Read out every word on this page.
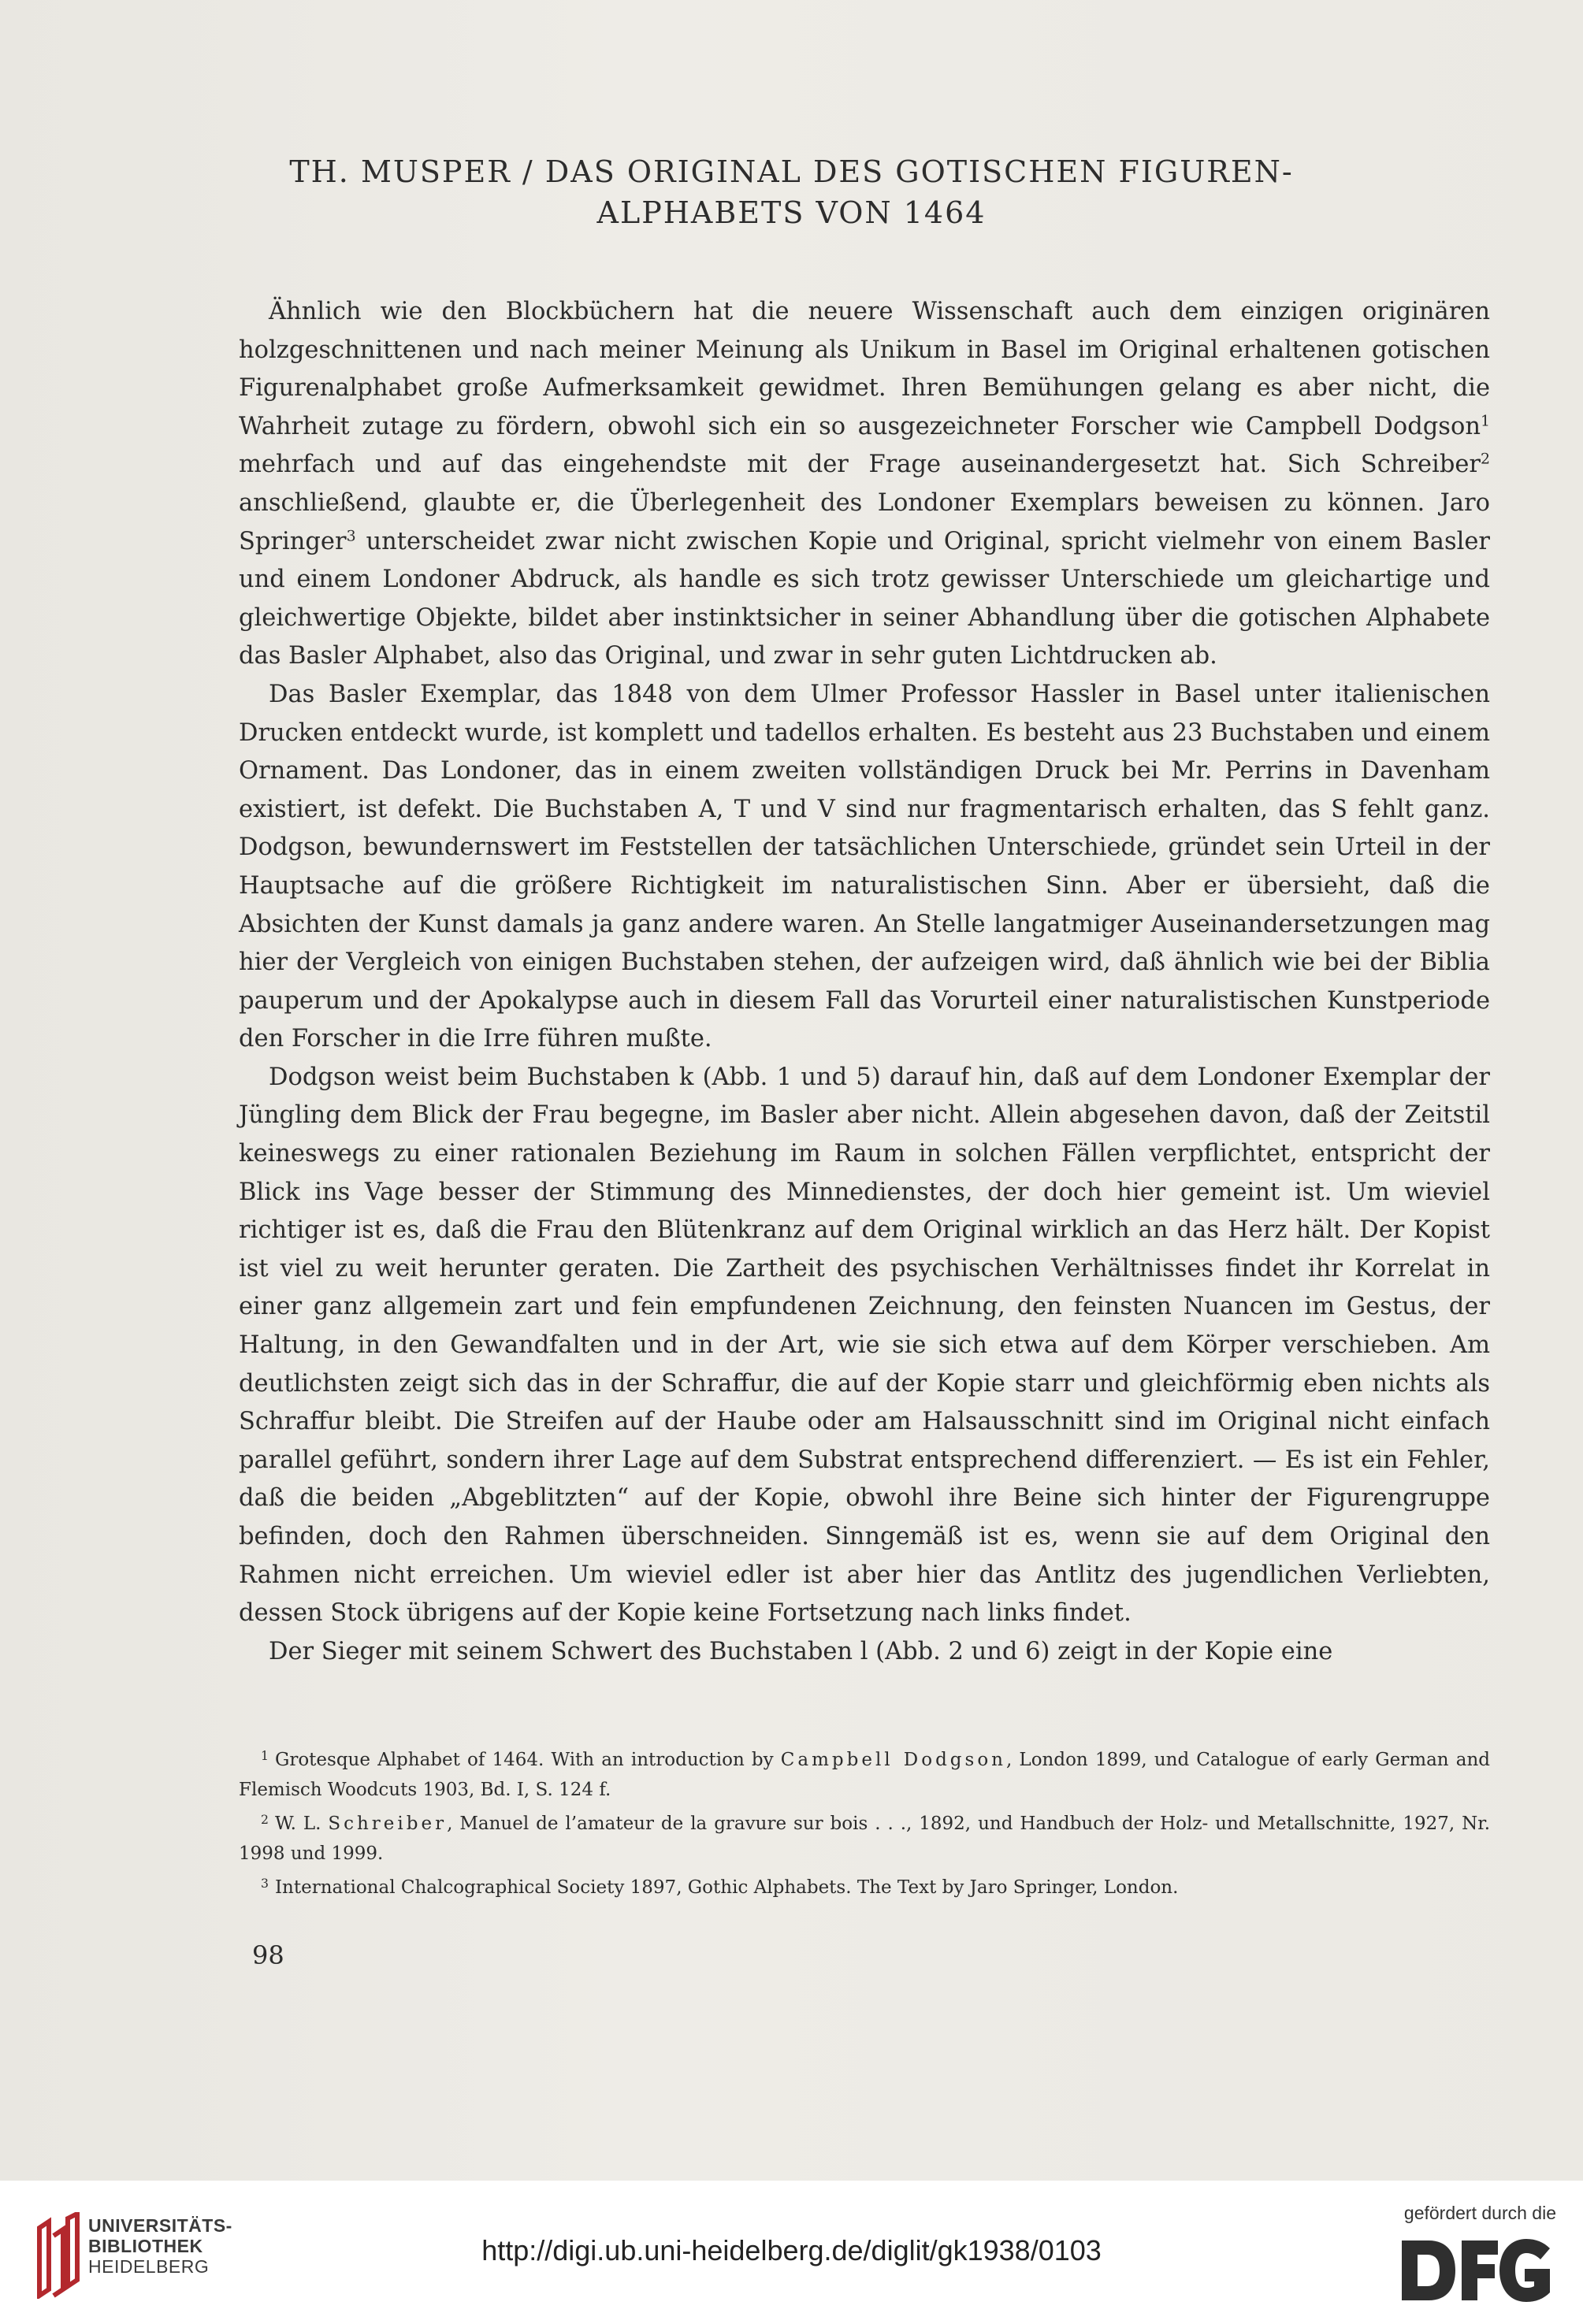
TH. MUSPER / DAS ORIGINAL DES GOTISCHEN FIGUREN-
ALPHABETS VON 1464

Ähnlich wie den Blockbüchern hat die neuere Wissenschaft auch dem einzigen originären holzgeschnittenen und nach meiner Meinung als Unikum in Basel im Original erhaltenen gotischen Figurenalphabet große Aufmerksamkeit gewidmet. Ihren Bemühungen gelang es aber nicht, die Wahrheit zutage zu fördern, obwohl sich ein so ausgezeichneter Forscher wie Campbell Dodgson$^1$ mehrfach und auf das eingehendste mit der Frage auseinandergesetzt hat. Sich Schreiber$^2$ anschließend, glaubte er, die Überlegenheit des Londoner Exemplars beweisen zu können. Jaro Springer$^3$ unterscheidet zwar nicht zwischen Kopie und Original, spricht vielmehr von einem Basler und einem Londoner Abdruck, als handle es sich trotz gewisser Unterschiede um gleichartige und gleichwertige Objekte, bildet aber instinktsicher in seiner Abhandlung über die gotischen Alphabete das Basler Alphabet, also das Original, und zwar in sehr guten Lichtdrucken ab.

Das Basler Exemplar, das 1848 von dem Ulmer Professor Hassler in Basel unter italienischen Drucken entdeckt wurde, ist komplett und tadellos erhalten. Es besteht aus 23 Buchstaben und einem Ornament. Das Londoner, das in einem zweiten vollständigen Druck bei Mr. Perrins in Davenham existiert, ist defekt. Die Buchstaben A, T und V sind nur fragmentarisch erhalten, das S fehlt ganz. Dodgson, bewundernswert im Feststellen der tatsächlichen Unterschiede, gründet sein Urteil in der Hauptsache auf die größere Richtigkeit im naturalistischen Sinn. Aber er übersieht, daß die Absichten der Kunst damals ja ganz andere waren. An Stelle langatmiger Auseinandersetzungen mag hier der Vergleich von einigen Buchstaben stehen, der aufzeigen wird, daß ähnlich wie bei der Biblia pauperum und der Apokalypse auch in diesem Fall das Vorurteil einer naturalistischen Kunstperiode den Forscher in die Irre führen mußte.

Dodgson weist beim Buchstaben k (Abb. 1 und 5) darauf hin, daß auf dem Londoner Exemplar der Jüngling dem Blick der Frau begegne, im Basler aber nicht. Allein abgesehen davon, daß der Zeitstil keineswegs zu einer rationalen Beziehung im Raum in solchen Fällen verpflichtet, entspricht der Blick ins Vage besser der Stimmung des Minnedienstes, der doch hier gemeint ist. Um wieviel richtiger ist es, daß die Frau den Blütenkranz auf dem Original wirklich an das Herz hält. Der Kopist ist viel zu weit herunter geraten. Die Zartheit des psychischen Verhältnisses findet ihr Korrelat in einer ganz allgemein zart und fein empfundenen Zeichnung, den feinsten Nuancen im Gestus, der Haltung, in den Gewandfalten und in der Art, wie sie sich etwa auf dem Körper verschieben. Am deutlichsten zeigt sich das in der Schraffur, die auf der Kopie starr und gleichförmig eben nichts als Schraffur bleibt. Die Streifen auf der Haube oder am Halsausschnitt sind im Original nicht einfach parallel geführt, sondern ihrer Lage auf dem Substrat entsprechend differenziert. — Es ist ein Fehler, daß die beiden „Abgeblitzten“ auf der Kopie, obwohl ihre Beine sich hinter der Figurengruppe befinden, doch den Rahmen überschneiden. Sinngemäß ist es, wenn sie auf dem Original den Rahmen nicht erreichen. Um wieviel edler ist aber hier das Antlitz des jugendlichen Verliebten, dessen Stock übrigens auf der Kopie keine Fortsetzung nach links findet.

Der Sieger mit seinem Schwert des Buchstaben l (Abb. 2 und 6) zeigt in der Kopie eine

$^1$ Grotesque Alphabet of 1464. With an introduction by Campbell Dodgson, London 1899, und Catalogue of early German and Flemisch Woodcuts 1903, Bd. I, S. 124 f.

$^2$ W. L. Schreiber, Manuel de l’amateur de la gravure sur bois . . ., 1892, und Handbuch der Holz- und Metallschnitte, 1927, Nr. 1998 und 1999.

$^3$ International Chalcographical Society 1897, Gothic Alphabets. The Text by Jaro Springer, London.

98
UNIVERSITÄTS-
BIBLIOTHEK
HEIDELBERG	http://digi.ub.uni-heidelberg.de/diglit/gk1938/0103
gefördert durch die
